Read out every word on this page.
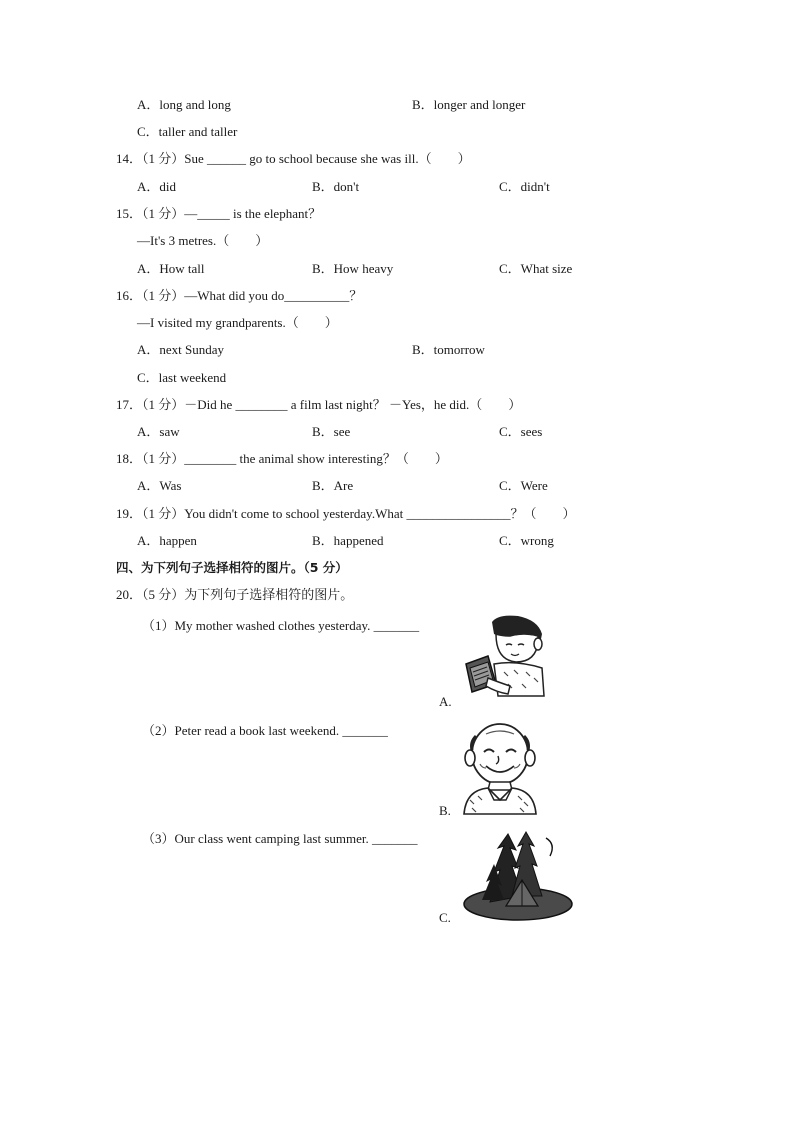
A．long and long	B．longer and longer
C．taller and taller
14．（1 分）Sue ______ go to school because she was ill.（　　）
A．did	B．don't	C．didn't
15．（1 分）—_____ is the elephant？
—It's 3 metres.（　　）
A．How tall	B．How heavy	C．What size
16．（1 分）—What did you do__________？
—I visited my grandparents.（　　）
A．next Sunday	B．tomorrow
C．last weekend
17．（1 分）－Did he ________ a film last night？ －Yes，he did.（　　）
A．saw	B．see	C．sees
18．（1 分）________ the animal show interesting？（　　）
A．Was	B．Are	C．Were
19．（1 分）You didn't come to school yesterday.What ________________？（　　）
A．happen	B．happened	C．wrong
四、为下列句子选择相符的图片。（5 分）
20．（5 分）为下列句子选择相符的图片。
（1）My mother washed clothes yesterday. _______
（2）Peter read a book last weekend. _______
（3）Our class went camping last summer. _______
A.
B.
C.
